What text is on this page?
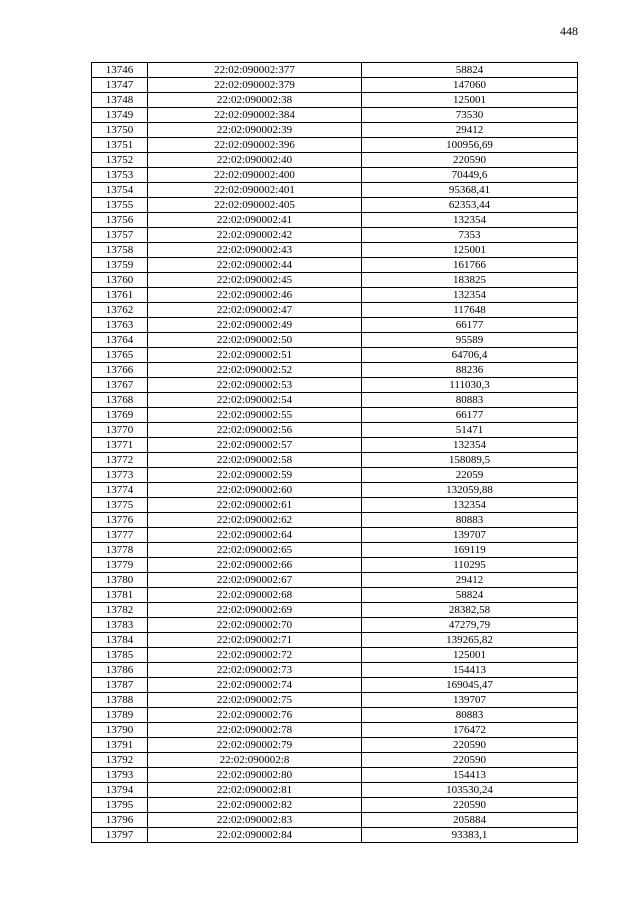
448
13746	22:02:090002:377	58824
13747	22:02:090002:379	147060
13748	22:02:090002:38	125001
13749	22:02:090002:384	73530
13750	22:02:090002:39	29412
13751	22:02:090002:396	100956,69
13752	22:02:090002:40	220590
13753	22:02:090002:400	70449,6
13754	22:02:090002:401	95368,41
13755	22:02:090002:405	62353,44
13756	22:02:090002:41	132354
13757	22:02:090002:42	7353
13758	22:02:090002:43	125001
13759	22:02:090002:44	161766
13760	22:02:090002:45	183825
13761	22:02:090002:46	132354
13762	22:02:090002:47	117648
13763	22:02:090002:49	66177
13764	22:02:090002:50	95589
13765	22:02:090002:51	64706,4
13766	22:02:090002:52	88236
13767	22:02:090002:53	111030,3
13768	22:02:090002:54	80883
13769	22:02:090002:55	66177
13770	22:02:090002:56	51471
13771	22:02:090002:57	132354
13772	22:02:090002:58	158089,5
13773	22:02:090002:59	22059
13774	22:02:090002:60	132059,88
13775	22:02:090002:61	132354
13776	22:02:090002:62	80883
13777	22:02:090002:64	139707
13778	22:02:090002:65	169119
13779	22:02:090002:66	110295
13780	22:02:090002:67	29412
13781	22:02:090002:68	58824
13782	22:02:090002:69	28382,58
13783	22:02:090002:70	47279,79
13784	22:02:090002:71	139265,82
13785	22:02:090002:72	125001
13786	22:02:090002:73	154413
13787	22:02:090002:74	169045,47
13788	22:02:090002:75	139707
13789	22:02:090002:76	80883
13790	22:02:090002:78	176472
13791	22:02:090002:79	220590
13792	22:02:090002:8	220590
13793	22:02:090002:80	154413
13794	22:02:090002:81	103530,24
13795	22:02:090002:82	220590
13796	22:02:090002:83	205884
13797	22:02:090002:84	93383,1
